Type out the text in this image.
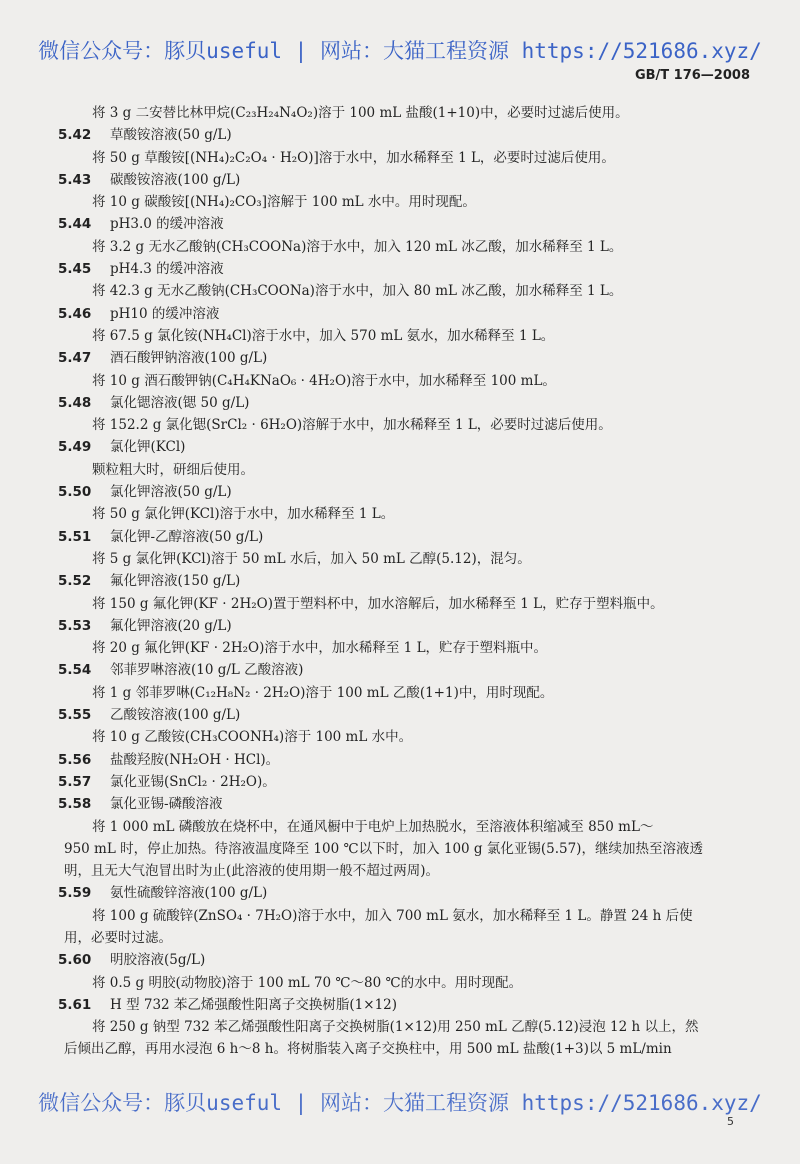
微信公众号：豚贝useful | 网站：大猫工程资源 https://521686.xyz/
GB/T 176—2008
将 3 g 二安替比林甲烷(C₂₃H₂₄N₄O₂)溶于 100 mL 盐酸(1+10)中，必要时过滤后使用。
5.42 草酸铵溶液(50 g/L)
将 50 g 草酸铵[(NH₄)₂C₂O₄ · H₂O)]溶于水中，加水稀释至 1 L，必要时过滤后使用。
5.43 碳酸铵溶液(100 g/L)
将 10 g 碳酸铵[(NH₄)₂CO₃]溶解于 100 mL 水中。用时现配。
5.44 pH3.0 的缓冲溶液
将 3.2 g 无水乙酸钠(CH₃COONa)溶于水中，加入 120 mL 冰乙酸，加水稀释至 1 L。
5.45 pH4.3 的缓冲溶液
将 42.3 g 无水乙酸钠(CH₃COONa)溶于水中，加入 80 mL 冰乙酸，加水稀释至 1 L。
5.46 pH10 的缓冲溶液
将 67.5 g 氯化铵(NH₄Cl)溶于水中，加入 570 mL 氨水，加水稀释至 1 L。
5.47 酒石酸钾钠溶液(100 g/L)
将 10 g 酒石酸钾钠(C₄H₄KNaO₆ · 4H₂O)溶于水中，加水稀释至 100 mL。
5.48 氯化锶溶液(锶 50 g/L)
将 152.2 g 氯化锶(SrCl₂ · 6H₂O)溶解于水中，加水稀释至 1 L，必要时过滤后使用。
5.49 氯化钾(KCl)
颗粒粗大时，研细后使用。
5.50 氯化钾溶液(50 g/L)
将 50 g 氯化钾(KCl)溶于水中，加水稀释至 1 L。
5.51 氯化钾-乙醇溶液(50 g/L)
将 5 g 氯化钾(KCl)溶于 50 mL 水后，加入 50 mL 乙醇(5.12)，混匀。
5.52 氟化钾溶液(150 g/L)
将 150 g 氟化钾(KF · 2H₂O)置于塑料杯中，加水溶解后，加水稀释至 1 L，贮存于塑料瓶中。
5.53 氟化钾溶液(20 g/L)
将 20 g 氟化钾(KF · 2H₂O)溶于水中，加水稀释至 1 L，贮存于塑料瓶中。
5.54 邻菲罗啉溶液(10 g/L 乙酸溶液)
将 1 g 邻菲罗啉(C₁₂H₈N₂ · 2H₂O)溶于 100 mL 乙酸(1+1)中，用时现配。
5.55 乙酸铵溶液(100 g/L)
将 10 g 乙酸铵(CH₃COONH₄)溶于 100 mL 水中。
5.56 盐酸羟胺(NH₂OH · HCl)。
5.57 氯化亚锡(SnCl₂ · 2H₂O)。
5.58 氯化亚锡-磷酸溶液
将 1 000 mL 磷酸放在烧杯中，在通风橱中于电炉上加热脱水，至溶液体积缩减至 850 mL～
950 mL 时，停止加热。待溶液温度降至 100 ℃以下时，加入 100 g 氯化亚锡(5.57)，继续加热至溶液透
明，且无大气泡冒出时为止(此溶液的使用期一般不超过两周)。
5.59 氨性硫酸锌溶液(100 g/L)
将 100 g 硫酸锌(ZnSO₄ · 7H₂O)溶于水中，加入 700 mL 氨水，加水稀释至 1 L。静置 24 h 后使
用，必要时过滤。
5.60 明胶溶液(5g/L)
将 0.5 g 明胶(动物胶)溶于 100 mL 70 ℃～80 ℃的水中。用时现配。
5.61 H 型 732 苯乙烯强酸性阳离子交换树脂(1×12)
将 250 g 钠型 732 苯乙烯强酸性阳离子交换树脂(1×12)用 250 mL 乙醇(5.12)浸泡 12 h 以上，然
后倾出乙醇，再用水浸泡 6 h～8 h。将树脂装入离子交换柱中，用 500 mL 盐酸(1+3)以 5 mL/min
微信公众号：豚贝useful | 网站：大猫工程资源 https://521686.xyz/
5
